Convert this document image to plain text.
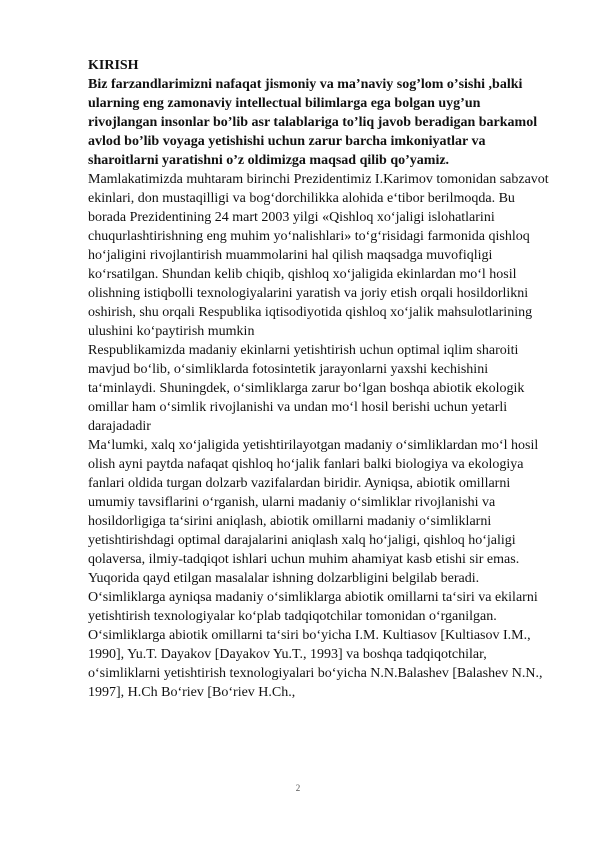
KIRISH

Biz farzandlarimizni nafaqat jismoniy va maʼnaviy sogʼlom oʼsishi ,balki ularning eng zamonaviy intellectual bilimlarga ega bolgan uygʼun rivojlangan insonlar boʼlib asr talablariga toʼliq javob beradigan barkamol avlod boʼlib voyaga yetishishi uchun zarur barcha imkoniyatlar va sharoitlarni yaratishni oʼz oldimizga maqsad qilib qoʼyamiz.

Mamlakatimizda muhtaram birinchi Prezidentimiz I.Karimov tomonidan sabzavot ekinlari, don mustaqilligi va bogʻdorchilikka alohida eʻtibor berilmoqda. Bu borada Prezidentining 24 mart 2003 yilgi «Qishloq xoʻjaligi islohatlarini chuqurlashtirishning eng muhim yoʻnalishlari» toʻgʻrisidagi farmonida qishloq hoʻjaligini rivojlantirish muammolarini hal qilish maqsadga muvofiqligi koʻrsatilgan. Shundan kelib chiqib, qishloq xoʻjaligida ekinlardan moʻl hosil olishning istiqbolli texnologiyalarini yaratish va joriy etish orqali hosildorlikni oshirish, shu orqali Respublika iqtisodiyotida qishloq xoʻjalik mahsulotlarining ulushini koʻpaytirish mumkin

Respublikamizda madaniy ekinlarni yetishtirish uchun optimal iqlim sharoiti mavjud boʻlib, oʻsimliklarda fotosintetik jarayonlarni yaxshi kechishini taʻminlaydi. Shuningdek, oʻsimliklarga zarur boʻlgan boshqa abiotik ekologik omillar ham oʻsimlik rivojlanishi va undan moʻl hosil berishi uchun yetarli darajadadir

Maʻlumki, xalq xoʻjaligida yetishtirilayotgan madaniy oʻsimliklardan moʻl hosil olish ayni paytda nafaqat qishloq hoʻjalik fanlari balki biologiya va ekologiya fanlari oldida turgan dolzarb vazifalardan biridir. Ayniqsa, abiotik omillarni umumiy tavsiflarini oʻrganish, ularni madaniy oʻsimliklar rivojlanishi va hosildorligiga taʻsirini aniqlash, abiotik omillarni madaniy oʻsimliklarni yetishtirishdagi optimal darajalarini aniqlash xalq hoʻjaligi, qishloq hoʻjaligi qolaversa, ilmiy-tadqiqot ishlari uchun muhim ahamiyat kasb etishi sir emas. Yuqorida qayd etilgan masalalar ishning dolzarbligini belgilab beradi.

Oʻsimliklarga ayniqsa madaniy oʻsimliklarga abiotik omillarni taʻsiri va ekilarni yetishtirish texnologiyalar koʻplab tadqiqotchilar tomonidan oʻrganilgan. Oʻsimliklarga abiotik omillarni taʻsiri boʻyicha I.M. Kultiasov [Kultiasov I.M., 1990], Yu.T. Dayakov [Dayakov Yu.T., 1993] va boshqa tadqiqotchilar, oʻsimliklarni yetishtirish texnologiyalari boʻyicha N.N.Balashev [Balashev N.N., 1997], H.Ch Boʻriev [Boʻriev H.Ch.,

2
